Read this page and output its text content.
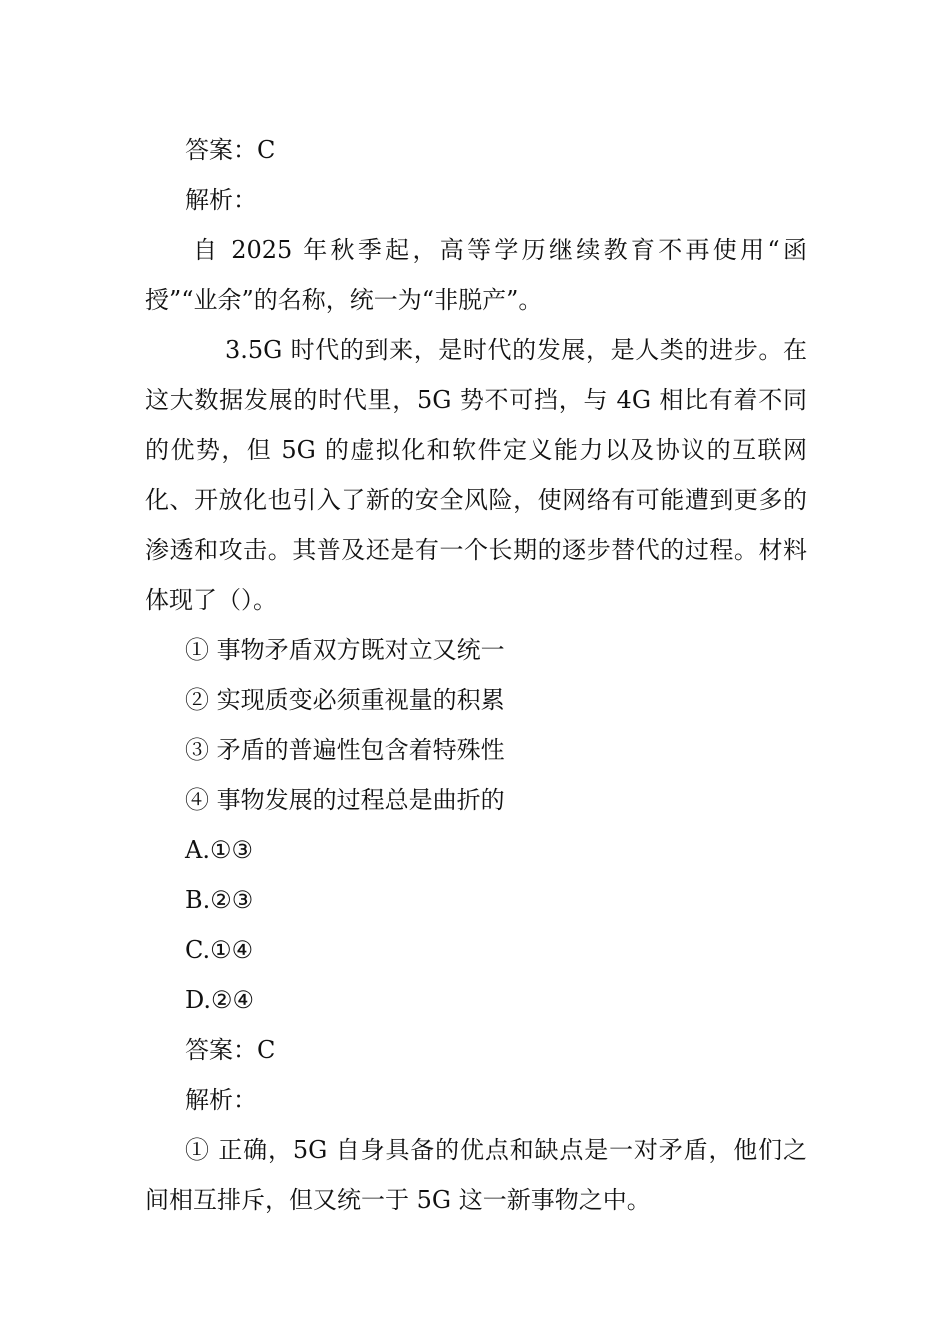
答案：C

解析：

自 2025 年秋季起，高等学历继续教育不再使用“函授”“业余”的名称，统一为“非脱产”。

3.5G 时代的到来，是时代的发展，是人类的进步。在这大数据发展的时代里，5G 势不可挡，与 4G 相比有着不同的优势，但 5G 的虚拟化和软件定义能力以及协议的互联网化、开放化也引入了新的安全风险，使网络有可能遭到更多的渗透和攻击。其普及还是有一个长期的逐步替代的过程。材料体现了（）。

① 事物矛盾双方既对立又统一

② 实现质变必须重视量的积累

③ 矛盾的普遍性包含着特殊性

④ 事物发展的过程总是曲折的

A.①③

B.②③

C.①④

D.②④

答案：C

解析：

① 正确，5G 自身具备的优点和缺点是一对矛盾，他们之间相互排斥，但又统一于 5G 这一新事物之中。
